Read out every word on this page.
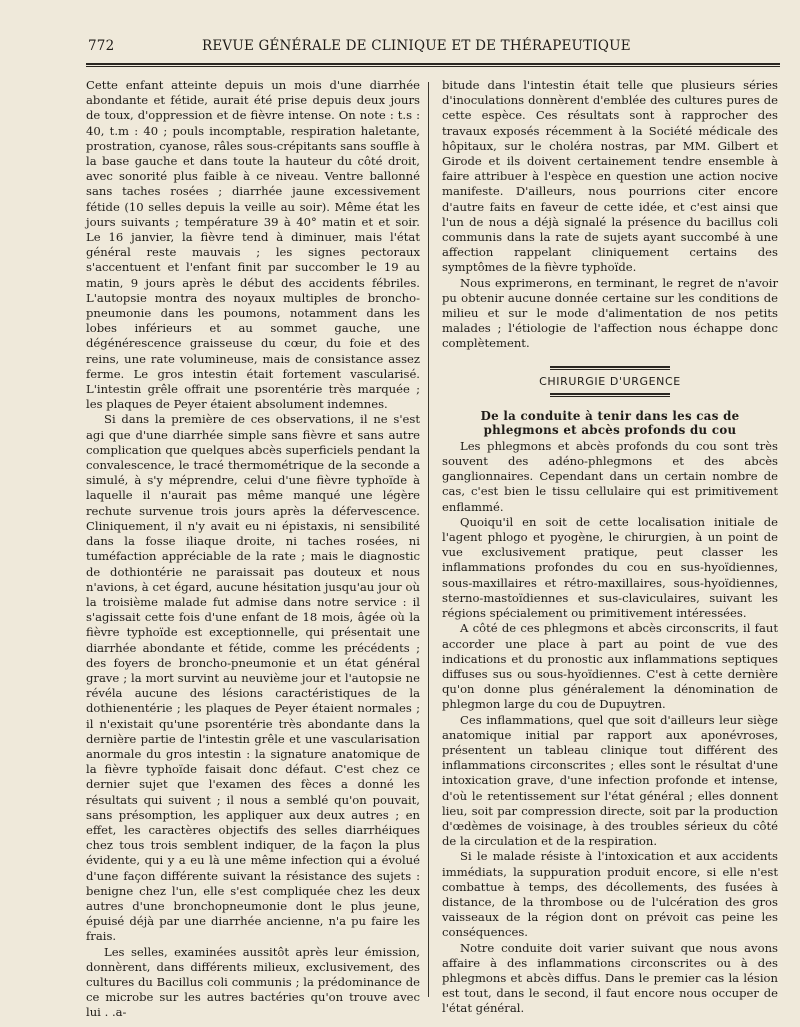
772	REVUE GÉNÉRALE DE CLINIQUE ET DE THÉRAPEUTIQUE

Cette enfant atteinte depuis un mois d'une diarrhée abondante et fétide, aurait été prise depuis deux jours de toux, d'oppression et de fièvre intense. On note : t.s : 40, t.m : 40 ; pouls incomptable, respiration haletante, prostration, cyanose, râles sous-crépitants sans souffle à la base gauche et dans toute la hauteur du côté droit, avec sonorité plus faible à ce niveau. Ventre ballonné sans taches rosées ; diarrhée jaune excessivement fétide (10 selles depuis la veille au soir). Même état les jours suivants ; température 39 à 40° matin et et soir. Le 16 janvier, la fièvre tend à diminuer, mais l'état général reste mauvais ; les signes pectoraux s'accentuent et l'enfant finit par succomber le 19 au matin, 9 jours après le début des accidents fébriles. L'autopsie montra des noyaux multiples de broncho-pneumonie dans les poumons, notamment dans les lobes inférieurs et au sommet gauche, une dégénérescence graisseuse du cœur, du foie et des reins, une rate volumineuse, mais de consistance assez ferme. Le gros intestin était fortement vascularisé. L'intestin grêle offrait une psorentérie très marquée ; les plaques de Peyer étaient absolument indemnes.

Si dans la première de ces observations, il ne s'est agi que d'une diarrhée simple sans fièvre et sans autre complication que quelques abcès superficiels pendant la convalescence, le tracé thermométrique de la seconde a simulé, à s'y méprendre, celui d'une fièvre typhoïde à laquelle il n'aurait pas même manqué une légère rechute survenue trois jours après la défervescence. Cliniquement, il n'y avait eu ni épistaxis, ni sensibilité dans la fosse iliaque droite, ni taches rosées, ni tuméfaction appréciable de la rate ; mais le diagnostic de dothiontérie ne paraissait pas douteux et nous n'avions, à cet égard, aucune hésitation jusqu'au jour où la troisième malade fut admise dans notre service : il s'agissait cette fois d'une enfant de 18 mois, âgée où la fièvre typhoïde est exceptionnelle, qui présentait une diarrhée abondante et fétide, comme les précédents ; des foyers de broncho-pneumonie et un état général grave ; la mort survint au neuvième jour et l'autopsie ne révéla aucune des lésions caractéristiques de la dothienentérie ; les plaques de Peyer étaient normales ; il n'existait qu'une psorentérie très abondante dans la dernière partie de l'intestin grêle et une vascularisation anormale du gros intestin : la signature anatomique de la fièvre typhoïde faisait donc défaut. C'est chez ce dernier sujet que l'examen des fèces a donné les résultats qui suivent ; il nous a semblé qu'on pouvait, sans présomption, les appliquer aux deux autres ; en effet, les caractères objectifs des selles diarrhéiques chez tous trois semblent indiquer, de la façon la plus évidente, qui y a eu là une même infection qui a évolué d'une façon différente suivant la résistance des sujets : benigne chez l'un, elle s'est compliquée chez les deux autres d'une bronchopneumonie dont le plus jeune, épuisé déjà par une diarrhée ancienne, n'a pu faire les frais.

Les selles, examinées aussitôt après leur émission, donnèrent, dans différents milieux, exclusivement, des cultures du Bacillus coli communis ; la prédominance de ce microbe sur les autres bactéries qu'on trouve avec lui . .a-

bitude dans l'intestin était telle que plusieurs séries d'inoculations donnèrent d'emblée des cultures pures de cette espèce. Ces résultats sont à rapprocher des travaux exposés récemment à la Société médicale des hôpitaux, sur le choléra nostras, par MM. Gilbert et Girode et ils doivent certainement tendre ensemble à faire attribuer à l'espèce en question une action nocive manifeste. D'ailleurs, nous pourrions citer encore d'autre faits en faveur de cette idée, et c'est ainsi que l'un de nous a déjà signalé la présence du bacillus coli communis dans la rate de sujets ayant succombé à une affection rappelant cliniquement certains des symptômes de la fièvre typhoïde.

Nous exprimerons, en terminant, le regret de n'avoir pu obtenir aucune donnée certaine sur les conditions de milieu et sur le mode d'alimentation de nos petits malades ; l'étiologie de l'affection nous échappe donc complètement.

CHIRURGIE D'URGENCE
De la conduite à tenir dans les cas de phlegmons et abcès profonds du cou

Les phlegmons et abcès profonds du cou sont très souvent des adéno-phlegmons et des abcès ganglionnaires. Cependant dans un certain nombre de cas, c'est bien le tissu cellulaire qui est primitivement enflammé.

Quoiqu'il en soit de cette localisation initiale de l'agent phlogo et pyogène, le chirurgien, à un point de vue exclusivement pratique, peut classer les inflammations profondes du cou en sus-hyoïdiennes, sous-maxillaires et rétro-maxillaires, sous-hyoïdiennes, sterno-mastoïdiennes et sus-claviculaires, suivant les régions spécialement ou primitivement intéressées.

A côté de ces phlegmons et abcès circonscrits, il faut accorder une place à part au point de vue des indications et du pronostic aux inflammations septiques diffuses sus ou sous-hyoïdiennes. C'est à cette dernière qu'on donne plus généralement la dénomination de phlegmon large du cou de Dupuytren.

Ces inflammations, quel que soit d'ailleurs leur siège anatomique initial par rapport aux aponévroses, présentent un tableau clinique tout différent des inflammations circonscrites ; elles sont le résultat d'une intoxication grave, d'une infection profonde et intense, d'où le retentissement sur l'état général ; elles donnent lieu, soit par compression directe, soit par la production d'œdèmes de voisinage, à des troubles sérieux du côté de la circulation et de la respiration.

Si le malade résiste à l'intoxication et aux accidents immédiats, la suppuration produit encore, si elle n'est combattue à temps, des décollements, des fusées à distance, de la thrombose ou de l'ulcération des gros vaisseaux de la région dont on prévoit cas peine les conséquences.

Notre conduite doit varier suivant que nous avons affaire à des inflammations circonscrites ou à des phlegmons et abcès diffus. Dans le premier cas la lésion est tout, dans le second, il faut encore nous occuper de l'état général.
